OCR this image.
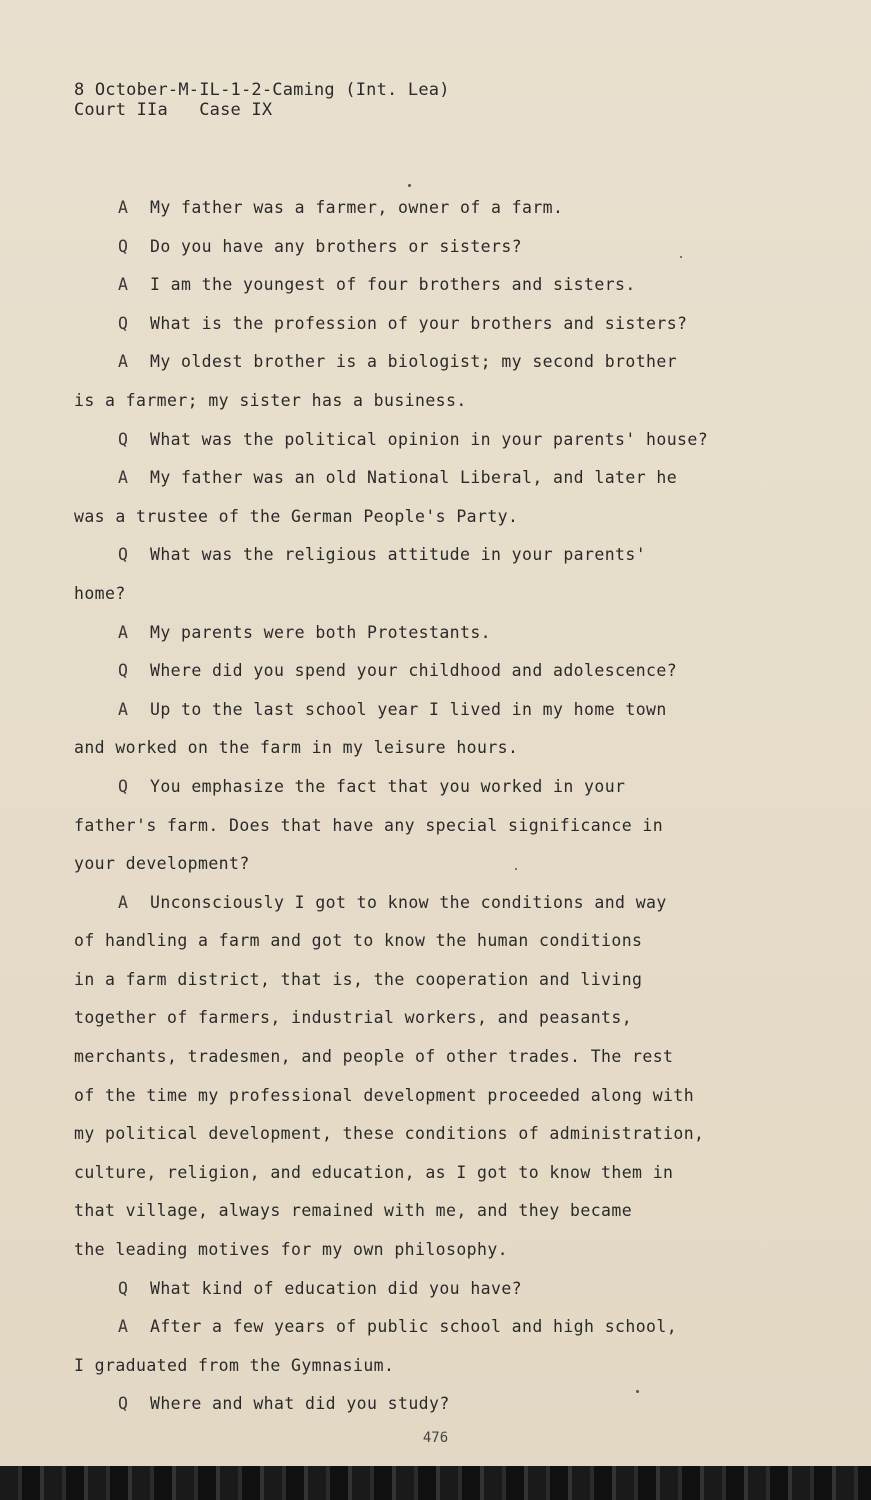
8 October-M-IL-1-2-Caming (Int. Lea)
Court IIa   Case IX
A My father was a farmer, owner of a farm.
Q Do you have any brothers or sisters?
A I am the youngest of four brothers and sisters.
Q What is the profession of your brothers and sisters?
A My oldest brother is a biologist; my second brother
is a farmer; my sister has a business.
Q What was the political opinion in your parents' house?
A My father was an old National Liberal, and later he
was a trustee of the German People's Party.
Q What was the religious attitude in your parents'
home?
A My parents were both Protestants.
Q Where did you spend your childhood and adolescence?
A Up to the last school year I lived in my home town
and worked on the farm in my leisure hours.
Q You emphasize the fact that you worked in your
father's farm. Does that have any special significance in
your development?
A Unconsciously I got to know the conditions and way
of handling a farm and got to know the human conditions
in a farm district, that is, the cooperation and living
together of farmers, industrial workers, and peasants,
merchants, tradesmen, and people of other trades. The rest
of the time my professional development proceeded along with
my political development, these conditions of administration,
culture, religion, and education, as I got to know them in
that village, always remained with me, and they became
the leading motives for my own philosophy.
Q What kind of education did you have?
A After a few years of public school and high school,
I graduated from the Gymnasium.
Q Where and what did you study?
476
